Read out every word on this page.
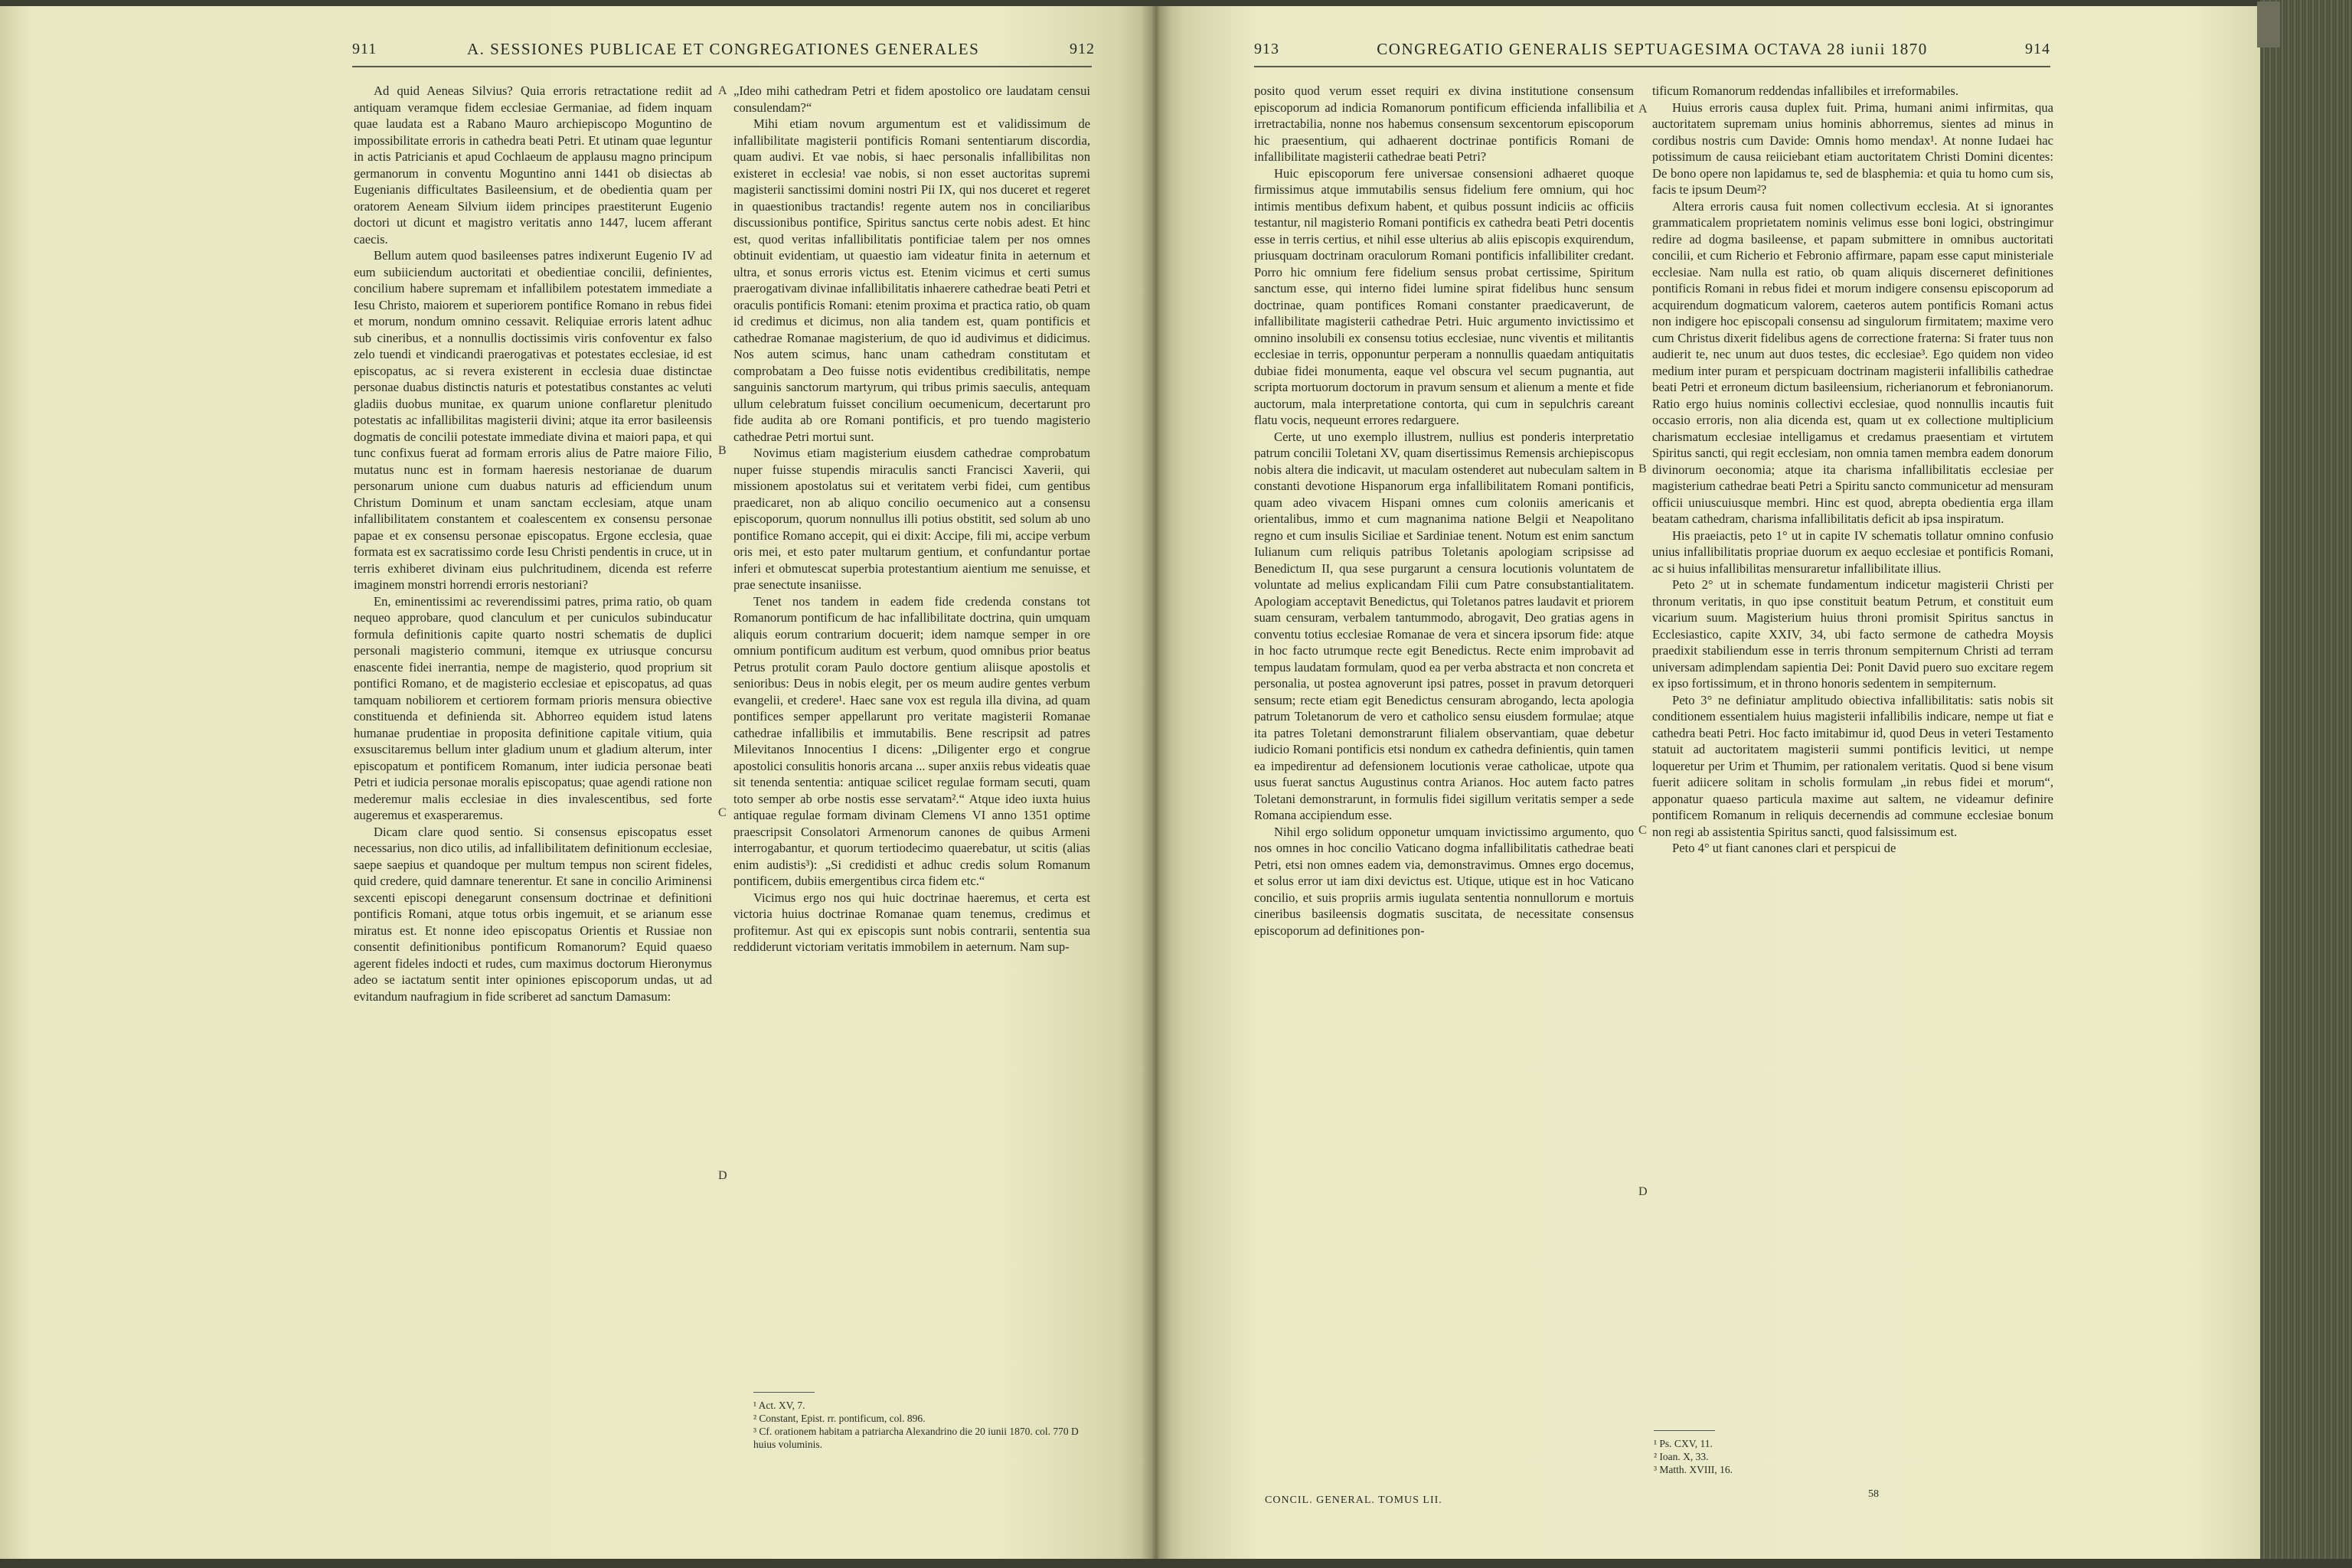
911	A. SESSIONES PUBLICAE ET CONGREGATIONES GENERALES	912

Ad quid Aeneas Silvius? Quia erroris retractatione rediit ad antiquam veramque fidem ecclesiae Germaniae, ad fidem inquam quae laudata est a Rabano Mauro archiepiscopo Moguntino de impossibilitate erroris in cathedra beati Petri. Et utinam quae leguntur in actis Patricianis et apud Cochlaeum de applausu magno principum germanorum in conventu Moguntino anni 1441 ob disiectas ab Eugenianis difficultates Basileensium, et de obedientia quam per oratorem Aeneam Silvium iidem principes praestiterunt Eugenio doctori ut dicunt et magistro veritatis anno 1447, lucem afferant caecis.

Bellum autem quod basileenses patres indixerunt Eugenio IV ad eum subiiciendum auctoritati et obedientiae concilii, definientes, concilium habere supremam et infallibilem potestatem immediate a Iesu Christo, maiorem et superiorem pontifice Romano in rebus fidei et morum, nondum omnino cessavit. Reliquiae erroris latent adhuc sub cineribus, et a nonnullis doctissimis viris confoventur ex falso zelo tuendi et vindicandi praerogativas et potestates ecclesiae, id est episcopatus, ac si revera existerent in ecclesia duae distinctae personae duabus distinctis naturis et potestatibus constantes ac veluti gladiis duobus munitae, ex quarum unione conflaretur plenitudo potestatis ac infallibilitas magisterii divini; atque ita error basileensis dogmatis de concilii potestate immediate divina et maiori papa, et qui tunc confixus fuerat ad formam erroris alius de Patre maiore Filio, mutatus nunc est in formam haeresis nestorianae de duarum personarum unione cum duabus naturis ad efficiendum unum Christum Dominum et unam sanctam ecclesiam, atque unam infallibilitatem constantem et coalescentem ex consensu personae papae et ex consensu personae episcopatus. Ergone ecclesia, quae formata est ex sacratissimo corde Iesu Christi pendentis in cruce, ut in terris exhiberet divinam eius pulchritudinem, dicenda est referre imaginem monstri horrendi erroris nestoriani?

En, eminentissimi ac reverendissimi patres, prima ratio, ob quam nequeo approbare, quod clanculum et per cuniculos subinducatur formula definitionis capite quarto nostri schematis de duplici personali magisterio communi, itemque ex utriusque concursu enascente fidei inerrantia, nempe de magisterio, quod proprium sit pontifici Romano, et de magisterio ecclesiae et episcopatus, ad quas tamquam nobiliorem et certiorem formam prioris mensura obiective constituenda et definienda sit. Abhorreo equidem istud latens humanae prudentiae in proposita definitione capitale vitium, quia exsuscitaremus bellum inter gladium unum et gladium alterum, inter episcopatum et pontificem Romanum, inter iudicia personae beati Petri et iudicia personae moralis episcopatus; quae agendi ratione non mederemur malis ecclesiae in dies invalescentibus, sed forte augeremus et exasperaremus.

Dicam clare quod sentio. Si consensus episcopatus esset necessarius, non dico utilis, ad infallibilitatem definitionum ecclesiae, saepe saepius et quandoque per multum tempus non scirent fideles, quid credere, quid damnare tenerentur. Et sane in concilio Ariminensi sexcenti episcopi denegarunt consensum doctrinae et definitioni pontificis Romani, atque totus orbis ingemuit, et se arianum esse miratus est. Et nonne ideo episcopatus Orientis et Russiae non consentit definitionibus pontificum Romanorum? Equid quaeso agerent fideles indocti et rudes, cum maximus doctorum Hieronymus adeo se iactatum sentit inter opiniones episcoporum undas, ut ad evitandum naufragium in fide scriberet ad sanctum Damasum:

A
B
C
D

„Ideo mihi cathedram Petri et fidem apostolico ore laudatam censui consulendam?“

Mihi etiam novum argumentum est et validissimum de infallibilitate magisterii pontificis Romani sententiarum discordia, quam audivi. Et vae nobis, si haec personalis infallibilitas non existeret in ecclesia! vae nobis, si non esset auctoritas supremi magisterii sanctissimi domini nostri Pii IX, qui nos duceret et regeret in quaestionibus tractandis! regente autem nos in conciliaribus discussionibus pontifice, Spiritus sanctus certe nobis adest. Et hinc est, quod veritas infallibilitatis pontificiae talem per nos omnes obtinuit evidentiam, ut quaestio iam videatur finita in aeternum et ultra, et sonus erroris victus est. Etenim vicimus et certi sumus praerogativam divinae infallibilitatis inhaerere cathedrae beati Petri et oraculis pontificis Romani: etenim proxima et practica ratio, ob quam id credimus et dicimus, non alia tandem est, quam pontificis et cathedrae Romanae magisterium, de quo id audivimus et didicimus. Nos autem scimus, hanc unam cathedram constitutam et comprobatam a Deo fuisse notis evidentibus credibilitatis, nempe sanguinis sanctorum martyrum, qui tribus primis saeculis, antequam ullum celebratum fuisset concilium oecumenicum, decertarunt pro fide audita ab ore Romani pontificis, et pro tuendo magisterio cathedrae Petri mortui sunt.

Novimus etiam magisterium eiusdem cathedrae comprobatum nuper fuisse stupendis miraculis sancti Francisci Xaverii, qui missionem apostolatus sui et veritatem verbi fidei, cum gentibus praedicaret, non ab aliquo concilio oecumenico aut a consensu episcoporum, quorum nonnullus illi potius obstitit, sed solum ab uno pontifice Romano accepit, qui ei dixit: Accipe, fili mi, accipe verbum oris mei, et esto pater multarum gentium, et confundantur portae inferi et obmutescat superbia protestantium aientium me senuisse, et prae senectute insaniisse.

Tenet nos tandem in eadem fide credenda constans tot Romanorum pontificum de hac infallibilitate doctrina, quin umquam aliquis eorum contrarium docuerit; idem namque semper in ore omnium pontificum auditum est verbum, quod omnibus prior beatus Petrus protulit coram Paulo doctore gentium aliisque apostolis et senioribus: Deus in nobis elegit, per os meum audire gentes verbum evangelii, et credere¹. Haec sane vox est regula illa divina, ad quam pontifices semper appellarunt pro veritate magisterii Romanae cathedrae infallibilis et immutabilis. Bene rescripsit ad patres Milevitanos Innocentius I dicens: „Diligenter ergo et congrue apostolici consulitis honoris arcana ... super anxiis rebus videatis quae sit tenenda sententia: antiquae scilicet regulae formam secuti, quam toto semper ab orbe nostis esse servatam².“ Atque ideo iuxta huius antiquae regulae formam divinam Clemens VI anno 1351 optime praescripsit Consolatori Armenorum canones de quibus Armeni interrogabantur, et quorum tertiodecimo quaerebatur, ut scitis (alias enim audistis³): „Si credidisti et adhuc credis solum Romanum pontificem, dubiis emergentibus circa fidem etc.“

Vicimus ergo nos qui huic doctrinae haeremus, et certa est victoria huius doctrinae Romanae quam tenemus, credimus et profitemur. Ast qui ex episcopis sunt nobis contrarii, sententia sua reddiderunt victoriam veritatis immobilem in aeternum. Nam sup-

¹ Act. XV, 7.
² Constant, Epist. rr. pontificum, col. 896.
³ Cf. orationem habitam a patriarcha Alexandrino die 20 iunii 1870. col. 770 D huius voluminis.
913	CONGREGATIO GENERALIS SEPTUAGESIMA OCTAVA 28 iunii 1870	914

posito quod verum esset requiri ex divina institutione consensum episcoporum ad indicia Romanorum pontificum efficienda infallibilia et irretractabilia, nonne nos habemus consensum sexcentorum episcoporum hic praesentium, qui adhaerent doctrinae pontificis Romani de infallibilitate magisterii cathedrae beati Petri?

Huic episcoporum fere universae consensioni adhaeret quoque firmissimus atque immutabilis sensus fidelium fere omnium, qui hoc intimis mentibus defixum habent, et quibus possunt indiciis ac officiis testantur, nil magisterio Romani pontificis ex cathedra beati Petri docentis esse in terris certius, et nihil esse ulterius ab aliis episcopis exquirendum, priusquam doctrinam oraculorum Romani pontificis infallibiliter credant. Porro hic omnium fere fidelium sensus probat certissime, Spiritum sanctum esse, qui interno fidei lumine spirat fidelibus hunc sensum doctrinae, quam pontifices Romani constanter praedicaverunt, de infallibilitate magisterii cathedrae Petri. Huic argumento invictissimo et omnino insolubili ex consensu totius ecclesiae, nunc viventis et militantis ecclesiae in terris, opponuntur perperam a nonnullis quaedam antiquitatis dubiae fidei monumenta, eaque vel obscura vel secum pugnantia, aut scripta mortuorum doctorum in pravum sensum et alienum a mente et fide auctorum, mala interpretatione contorta, qui cum in sepulchris careant flatu vocis, nequeunt errores redarguere.

Certe, ut uno exemplo illustrem, nullius est ponderis interpretatio patrum concilii Toletani XV, quam disertissimus Remensis archiepiscopus nobis altera die indicavit, ut maculam ostenderet aut nubeculam saltem in constanti devotione Hispanorum erga infallibilitatem Romani pontificis, quam adeo vivacem Hispani omnes cum coloniis americanis et orientalibus, immo et cum magnanima natione Belgii et Neapolitano regno et cum insulis Siciliae et Sardiniae tenent. Notum est enim sanctum Iulianum cum reliquis patribus Toletanis apologiam scripsisse ad Benedictum II, qua sese purgarunt a censura locutionis voluntatem de voluntate ad melius explicandam Filii cum Patre consubstantialitatem. Apologiam acceptavit Benedictus, qui Toletanos patres laudavit et priorem suam censuram, verbalem tantummodo, abrogavit, Deo gratias agens in conventu totius ecclesiae Romanae de vera et sincera ipsorum fide: atque in hoc facto utrumque recte egit Benedictus. Recte enim improbavit ad tempus laudatam formulam, quod ea per verba abstracta et non concreta et personalia, ut postea agnoverunt ipsi patres, posset in pravum detorqueri sensum; recte etiam egit Benedictus censuram abrogando, lecta apologia patrum Toletanorum de vero et catholico sensu eiusdem formulae; atque ita patres Toletani demonstrarunt filialem observantiam, quae debetur iudicio Romani pontificis etsi nondum ex cathedra definientis, quin tamen ea impedirentur ad defensionem locutionis verae catholicae, utpote qua usus fuerat sanctus Augustinus contra Arianos. Hoc autem facto patres Toletani demonstrarunt, in formulis fidei sigillum veritatis semper a sede Romana accipiendum esse.

Nihil ergo solidum opponetur umquam invictissimo argumento, quo nos omnes in hoc concilio Vaticano dogma infallibilitatis cathedrae beati Petri, etsi non omnes eadem via, demonstravimus. Omnes ergo docemus, et solus error ut iam dixi devictus est. Utique, utique est in hoc Vaticano concilio, et suis propriis armis iugulata sententia nonnullorum e mortuis cineribus basileensis dogmatis suscitata, de necessitate consensus episcoporum ad definitiones pon-

A
B
C
D

tificum Romanorum reddendas infallibiles et irreformabiles.

Huius erroris causa duplex fuit. Prima, humani animi infirmitas, qua auctoritatem supremam unius hominis abhorremus, sientes ad minus in cordibus nostris cum Davide: Omnis homo mendax¹. At nonne Iudaei hac potissimum de causa reiiciebant etiam auctoritatem Christi Domini dicentes: De bono opere non lapidamus te, sed de blasphemia: et quia tu homo cum sis, facis te ipsum Deum²?

Altera erroris causa fuit nomen collectivum ecclesia. At si ignorantes grammaticalem proprietatem nominis velimus esse boni logici, obstringimur redire ad dogma basileense, et papam submittere in omnibus auctoritati concilii, et cum Richerio et Febronio affirmare, papam esse caput ministeriale ecclesiae. Nam nulla est ratio, ob quam aliquis discerneret definitiones pontificis Romani in rebus fidei et morum indigere consensu episcoporum ad acquirendum dogmaticum valorem, caeteros autem pontificis Romani actus non indigere hoc episcopali consensu ad singulorum firmitatem; maxime vero cum Christus dixerit fidelibus agens de correctione fraterna: Si frater tuus non audierit te, nec unum aut duos testes, dic ecclesiae³. Ego quidem non video medium inter puram et perspicuam doctrinam magisterii infallibilis cathedrae beati Petri et erroneum dictum basileensium, richerianorum et febronianorum. Ratio ergo huius nominis collectivi ecclesiae, quod nonnullis incautis fuit occasio erroris, non alia dicenda est, quam ut ex collectione multiplicium charismatum ecclesiae intelligamus et credamus praesentiam et virtutem Spiritus sancti, qui regit ecclesiam, non omnia tamen membra eadem donorum divinorum oeconomia; atque ita charisma infallibilitatis ecclesiae per magisterium cathedrae beati Petri a Spiritu sancto communicetur ad mensuram officii uniuscuiusque membri. Hinc est quod, abrepta obedientia erga illam beatam cathedram, charisma infallibilitatis deficit ab ipsa inspiratum.

His praeiactis, peto 1° ut in capite IV schematis tollatur omnino confusio unius infallibilitatis propriae duorum ex aequo ecclesiae et pontificis Romani, ac si huius infallibilitas mensuraretur infallibilitate illius.

Peto 2° ut in schemate fundamentum indicetur magisterii Christi per thronum veritatis, in quo ipse constituit beatum Petrum, et constituit eum vicarium suum. Magisterium huius throni promisit Spiritus sanctus in Ecclesiastico, capite XXIV, 34, ubi facto sermone de cathedra Moysis praedixit stabiliendum esse in terris thronum sempiternum Christi ad terram universam adimplendam sapientia Dei: Ponit David puero suo excitare regem ex ipso fortissimum, et in throno honoris sedentem in sempiternum.

Peto 3° ne definiatur amplitudo obiectiva infallibilitatis: satis nobis sit conditionem essentialem huius magisterii infallibilis indicare, nempe ut fiat e cathedra beati Petri. Hoc facto imitabimur id, quod Deus in veteri Testamento statuit ad auctoritatem magisterii summi pontificis levitici, ut nempe loqueretur per Urim et Thumim, per rationalem veritatis. Quod si bene visum fuerit adiicere solitam in scholis formulam „in rebus fidei et morum“, apponatur quaeso particula maxime aut saltem, ne videamur definire pontificem Romanum in reliquis decernendis ad commune ecclesiae bonum non regi ab assistentia Spiritus sancti, quod falsissimum est.

Peto 4° ut fiant canones clari et perspicui de

¹ Ps. CXV, 11.
² Ioan. X, 33.
³ Matth. XVIII, 16.
CONCIL. GENERAL. TOMUS LII.
58
